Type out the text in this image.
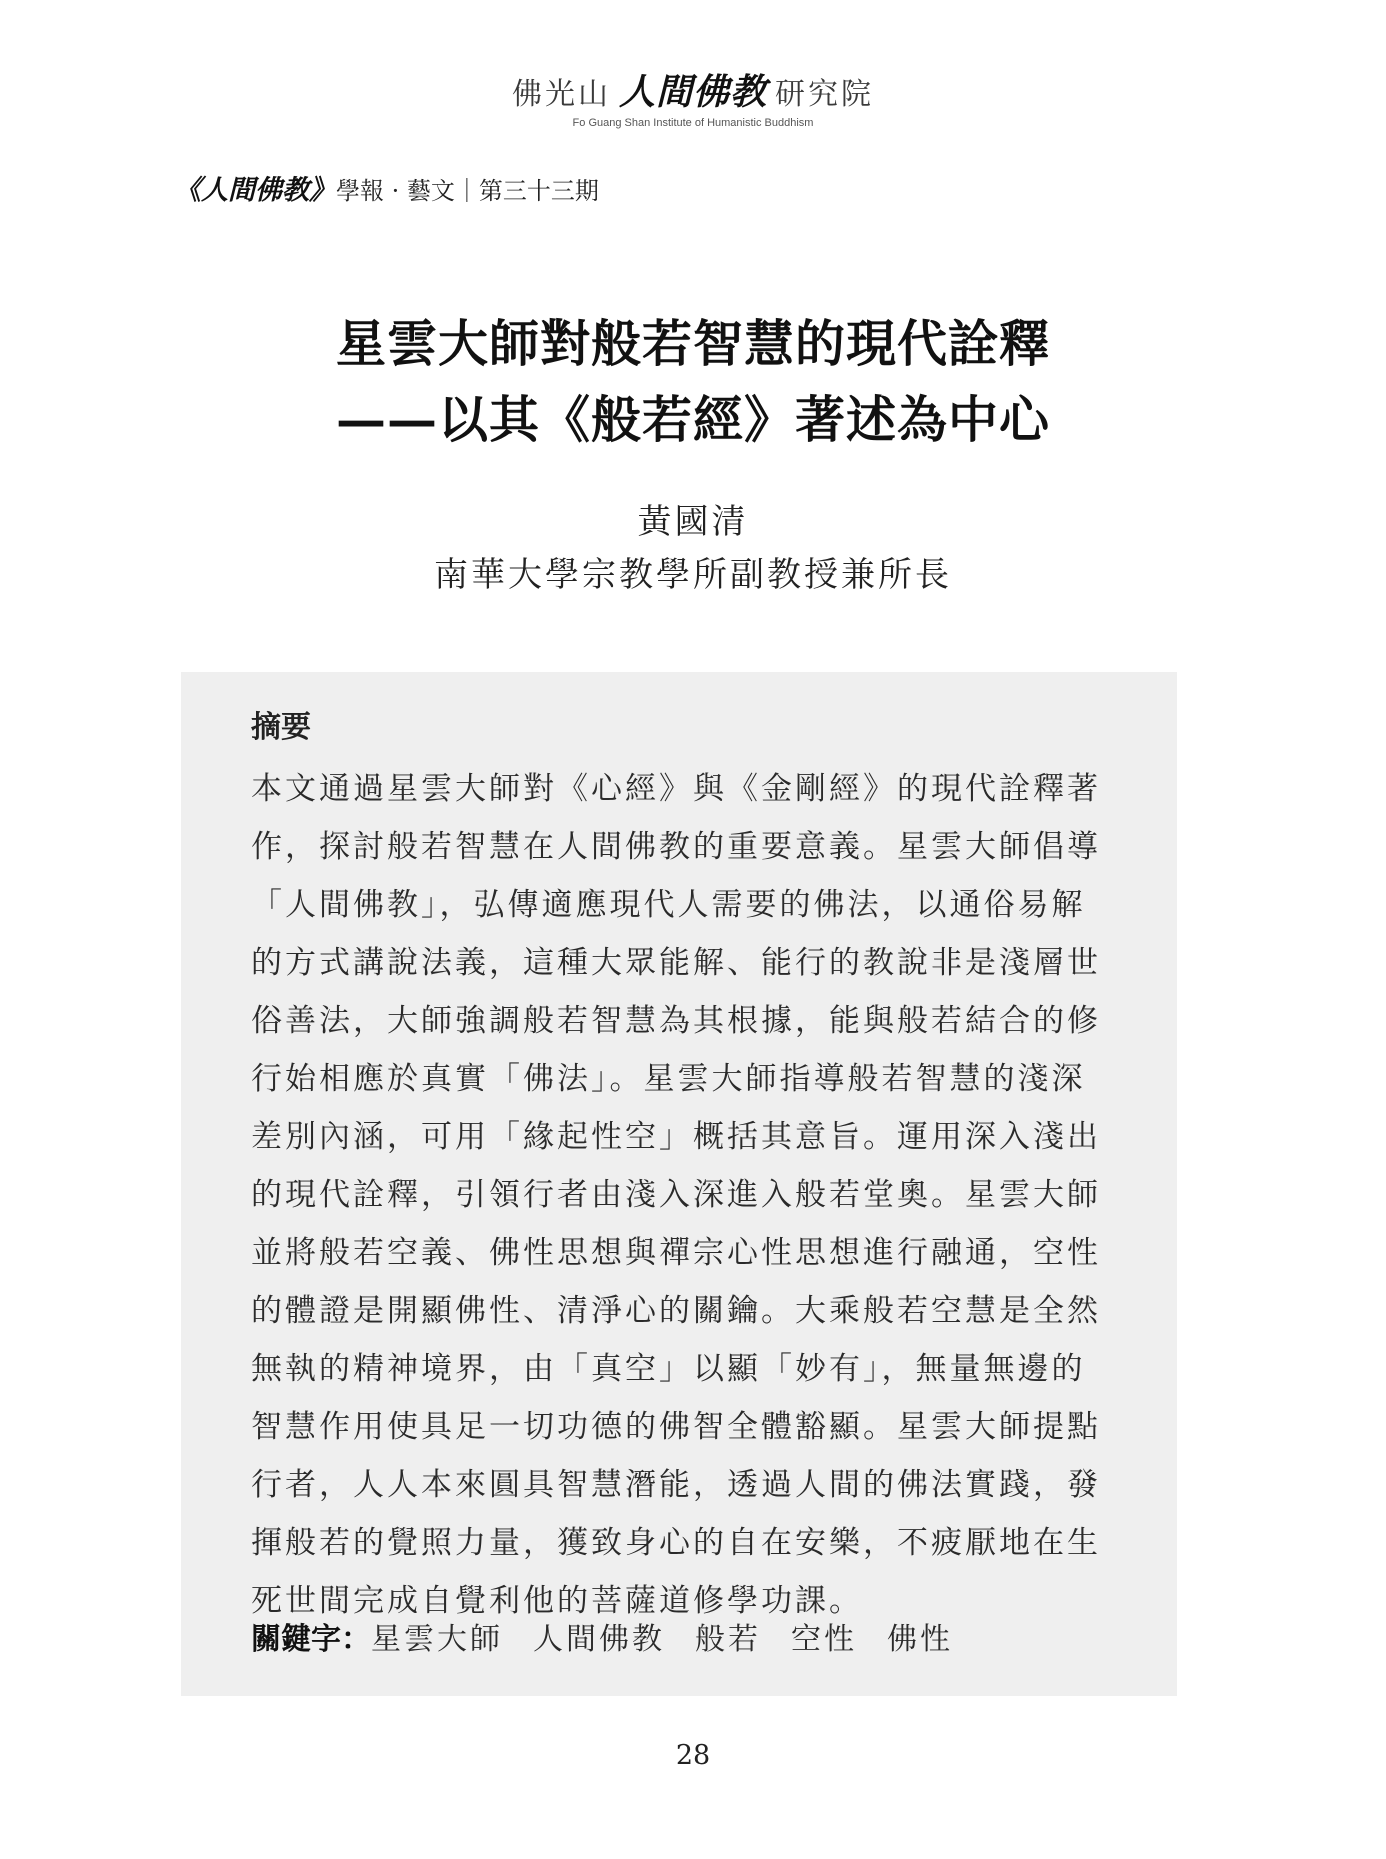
佛光山 人間佛教 研究院
Fo Guang Shan Institute of Humanistic Buddhism
《人間佛教》學報 · 藝文｜第三十三期
星雲大師對般若智慧的現代詮釋
——以其《般若經》著述為中心
黃國清
南華大學宗教學所副教授兼所長
摘要
本文通過星雲大師對《心經》與《金剛經》的現代詮釋著
作，探討般若智慧在人間佛教的重要意義。星雲大師倡導
「人間佛教」，弘傳適應現代人需要的佛法，以通俗易解
的方式講說法義，這種大眾能解、能行的教說非是淺層世
俗善法，大師強調般若智慧為其根據，能與般若結合的修
行始相應於真實「佛法」。星雲大師指導般若智慧的淺深
差別內涵，可用「緣起性空」概括其意旨。運用深入淺出
的現代詮釋，引領行者由淺入深進入般若堂奧。星雲大師
並將般若空義、佛性思想與禪宗心性思想進行融通，空性
的體證是開顯佛性、清淨心的關鑰。大乘般若空慧是全然
無執的精神境界，由「真空」以顯「妙有」，無量無邊的
智慧作用使具足一切功德的佛智全體豁顯。星雲大師提點
行者，人人本來圓具智慧潛能，透過人間的佛法實踐，發
揮般若的覺照力量，獲致身心的自在安樂，不疲厭地在生
死世間完成自覺利他的菩薩道修學功課。
關鍵字：星雲大師 人間佛教 般若 空性 佛性
28
